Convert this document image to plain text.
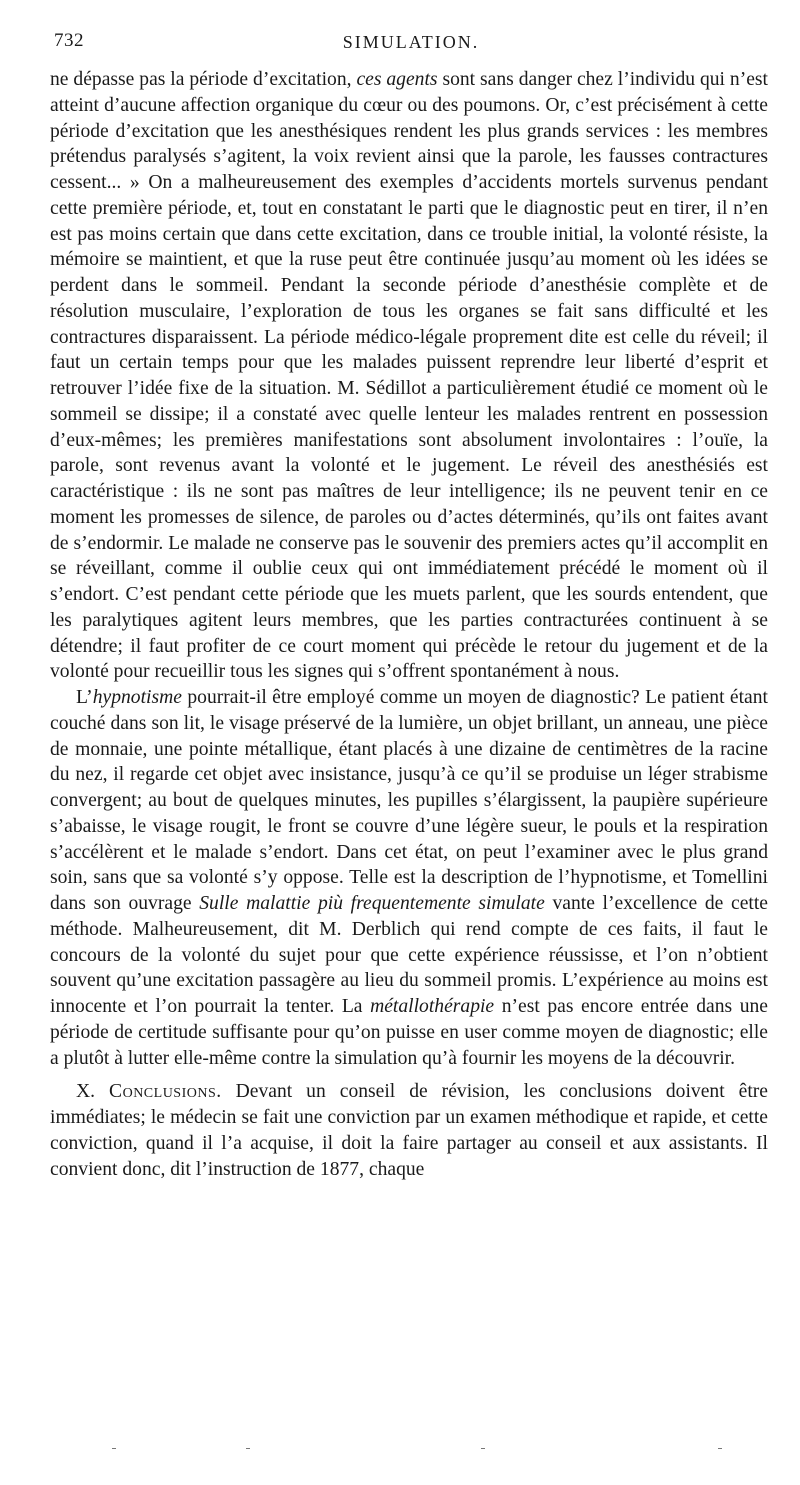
732	SIMULATION.

ne dépasse pas la période d’excitation, ces agents sont sans danger chez l’individu qui n’est atteint d’aucune affection organique du cœur ou des poumons. Or, c’est précisément à cette période d’excitation que les anesthésiques rendent les plus grands services : les membres prétendus paralysés s’agitent, la voix revient ainsi que la parole, les fausses contractures cessent... » On a malheureusement des exemples d’accidents mortels survenus pendant cette première période, et, tout en constatant le parti que le diagnostic peut en tirer, il n’en est pas moins certain que dans cette excitation, dans ce trouble initial, la volonté résiste, la mémoire se maintient, et que la ruse peut être continuée jusqu’au moment où les idées se perdent dans le sommeil. Pendant la seconde période d’anesthésie complète et de résolution musculaire, l’exploration de tous les organes se fait sans difficulté et les contractures disparaissent. La période médico-légale proprement dite est celle du réveil; il faut un certain temps pour que les malades puissent reprendre leur liberté d’esprit et retrouver l’idée fixe de la situation. M. Sédillot a particulièrement étudié ce moment où le sommeil se dissipe; il a constaté avec quelle lenteur les malades rentrent en possession d’eux-mêmes; les premières manifestations sont absolument involontaires : l’ouïe, la parole, sont revenus avant la volonté et le jugement. Le réveil des anesthésiés est caractéristique : ils ne sont pas maîtres de leur intelligence; ils ne peuvent tenir en ce moment les promesses de silence, de paroles ou d’actes déterminés, qu’ils ont faites avant de s’endormir. Le malade ne conserve pas le souvenir des premiers actes qu’il accomplit en se réveillant, comme il oublie ceux qui ont immédiatement précédé le moment où il s’endort. C’est pendant cette période que les muets parlent, que les sourds entendent, que les paralytiques agitent leurs membres, que les parties contracturées continuent à se détendre; il faut profiter de ce court moment qui précède le retour du jugement et de la volonté pour recueillir tous les signes qui s’offrent spontanément à nous.

L’hypnotisme pourrait-il être employé comme un moyen de diagnostic? Le patient étant couché dans son lit, le visage préservé de la lumière, un objet brillant, un anneau, une pièce de monnaie, une pointe métallique, étant placés à une dizaine de centimètres de la racine du nez, il regarde cet objet avec insistance, jusqu’à ce qu’il se produise un léger strabisme convergent; au bout de quelques minutes, les pupilles s’élargissent, la paupière supérieure s’abaisse, le visage rougit, le front se couvre d’une légère sueur, le pouls et la respiration s’accélèrent et le malade s’endort. Dans cet état, on peut l’examiner avec le plus grand soin, sans que sa volonté s’y oppose. Telle est la description de l’hypnotisme, et Tomellini dans son ouvrage Sulle malattie più frequentemente simulate vante l’excellence de cette méthode. Malheureusement, dit M. Derblich qui rend compte de ces faits, il faut le concours de la volonté du sujet pour que cette expérience réussisse, et l’on n’obtient souvent qu’une excitation passagère au lieu du sommeil promis. L’expérience au moins est innocente et l’on pourrait la tenter. La métallothérapie n’est pas encore entrée dans une période de certitude suffisante pour qu’on puisse en user comme moyen de diagnostic; elle a plutôt à lutter elle-même contre la simulation qu’à fournir les moyens de la découvrir.

X. Conclusions. Devant un conseil de révision, les conclusions doivent être immédiates; le médecin se fait une conviction par un examen méthodique et rapide, et cette conviction, quand il l’a acquise, il doit la faire partager au conseil et aux assistants. Il convient donc, dit l’instruction de 1877, chaque
